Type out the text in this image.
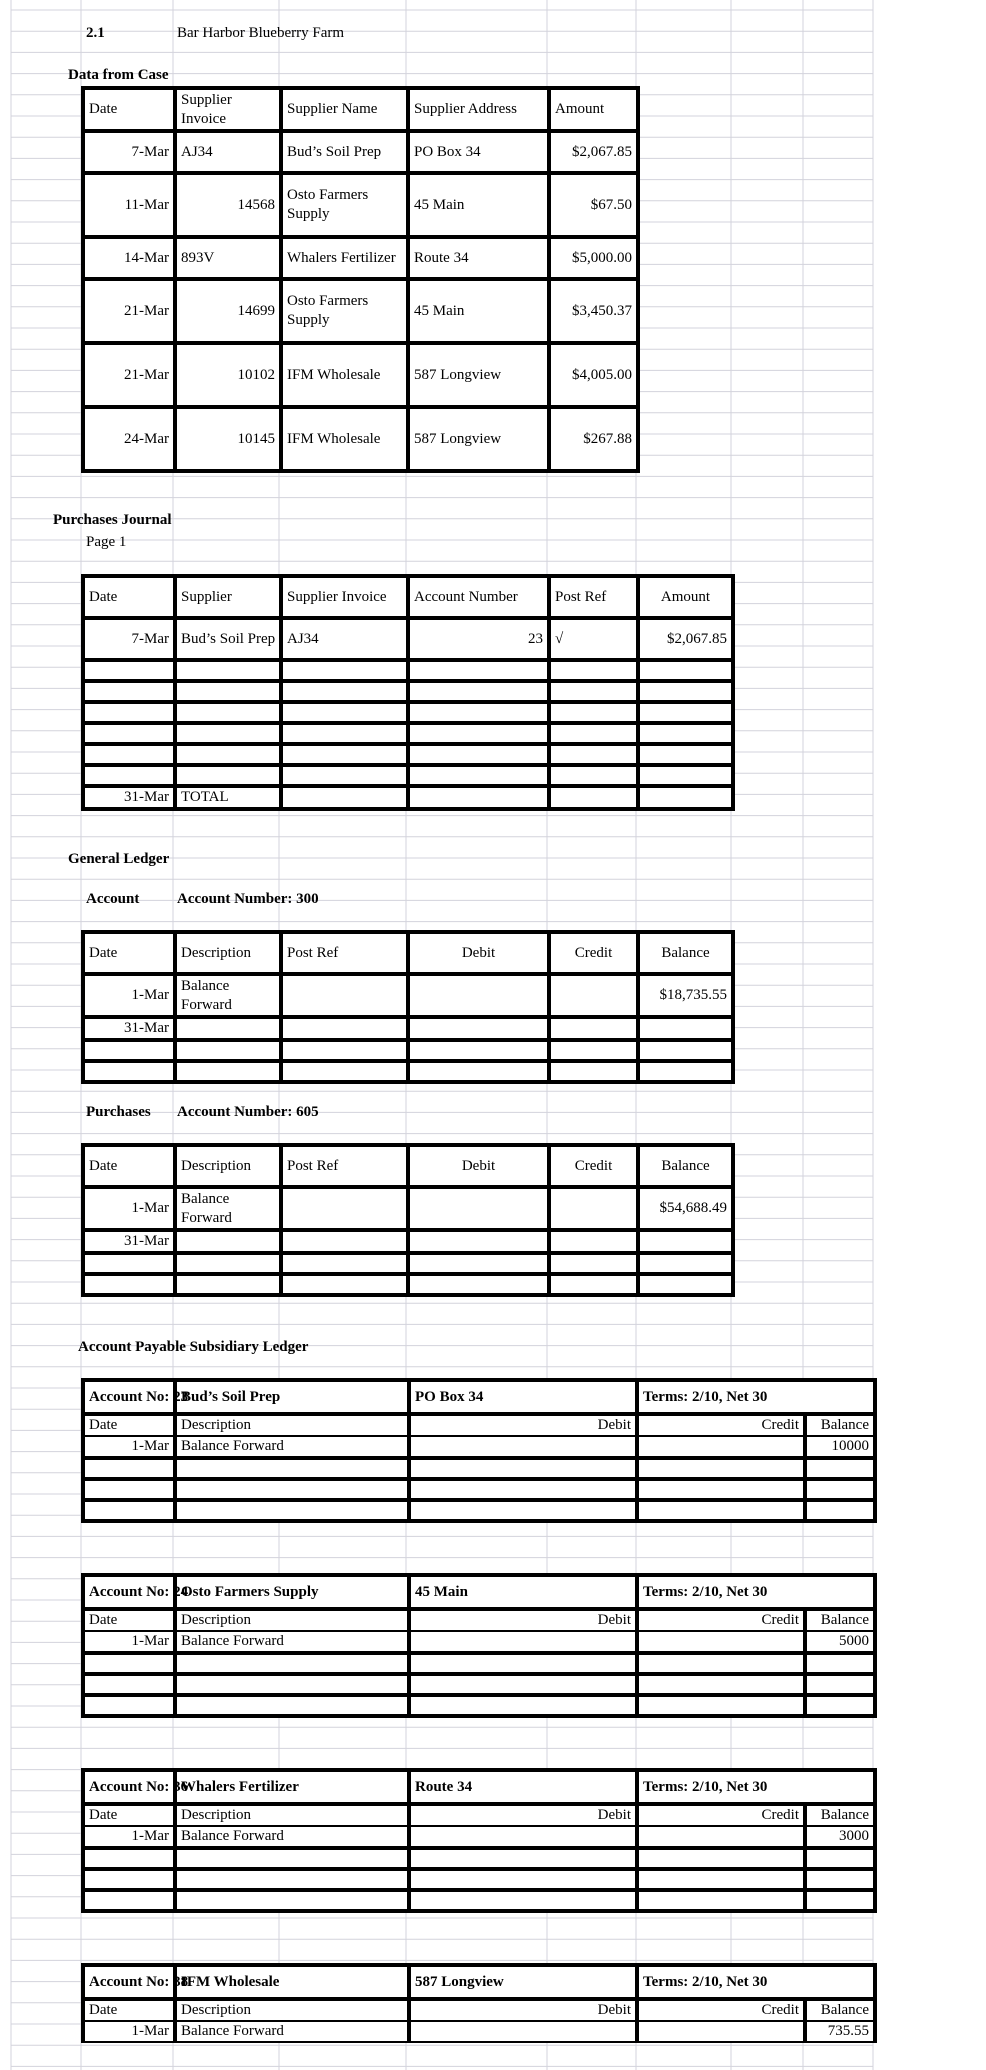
2.1	Bar Harbor Blueberry Farm
Data from Case
Date	Supplier Invoice	Supplier Name	Supplier Address	Amount
7-Mar	AJ34	Bud’s Soil Prep	PO Box 34	$2,067.85
11-Mar	14568	Osto Farmers Supply	45 Main	$67.50
14-Mar	893V	Whalers Fertilizer	Route 34	$5,000.00
21-Mar	14699	Osto Farmers Supply	45 Main	$3,450.37
21-Mar	10102	IFM Wholesale	587 Longview	$4,005.00
24-Mar	10145	IFM Wholesale	587 Longview	$267.88
Purchases Journal
Page 1
Date	Supplier	Supplier Invoice	Account Number	Post Ref	Amount
7-Mar	Bud’s Soil Prep	AJ34	23	√	$2,067.85

31-Mar	TOTAL				
General Ledger
Account	Account Number: 300
Date	Description	Post Ref	Debit	Credit	Balance
1-Mar	Balance Forward				$18,735.55
31-Mar					

Purchases Account Number: 605
Date	Description	Post Ref	Debit	Credit	Balance
1-Mar	Balance Forward				$54,688.49
31-Mar					

Account Payable Subsidiary Ledger
Account No: 23	Bud’s Soil Prep	PO Box 34	Terms: 2/10, Net 30	
Date	Description	Debit	Credit	Balance
1-Mar	Balance Forward			10000

Account No: 24	Osto Farmers Supply	45 Main	Terms: 2/10, Net 30	
Date	Description	Debit	Credit	Balance
1-Mar	Balance Forward			5000

Account No: 36	Whalers Fertilizer	Route 34	Terms: 2/10, Net 30	
Date	Description	Debit	Credit	Balance
1-Mar	Balance Forward			3000

Account No: 38	IFM Wholesale	587 Longview	Terms: 2/10, Net 30	
Date	Description	Debit	Credit	Balance
1-Mar	Balance Forward			735.55
